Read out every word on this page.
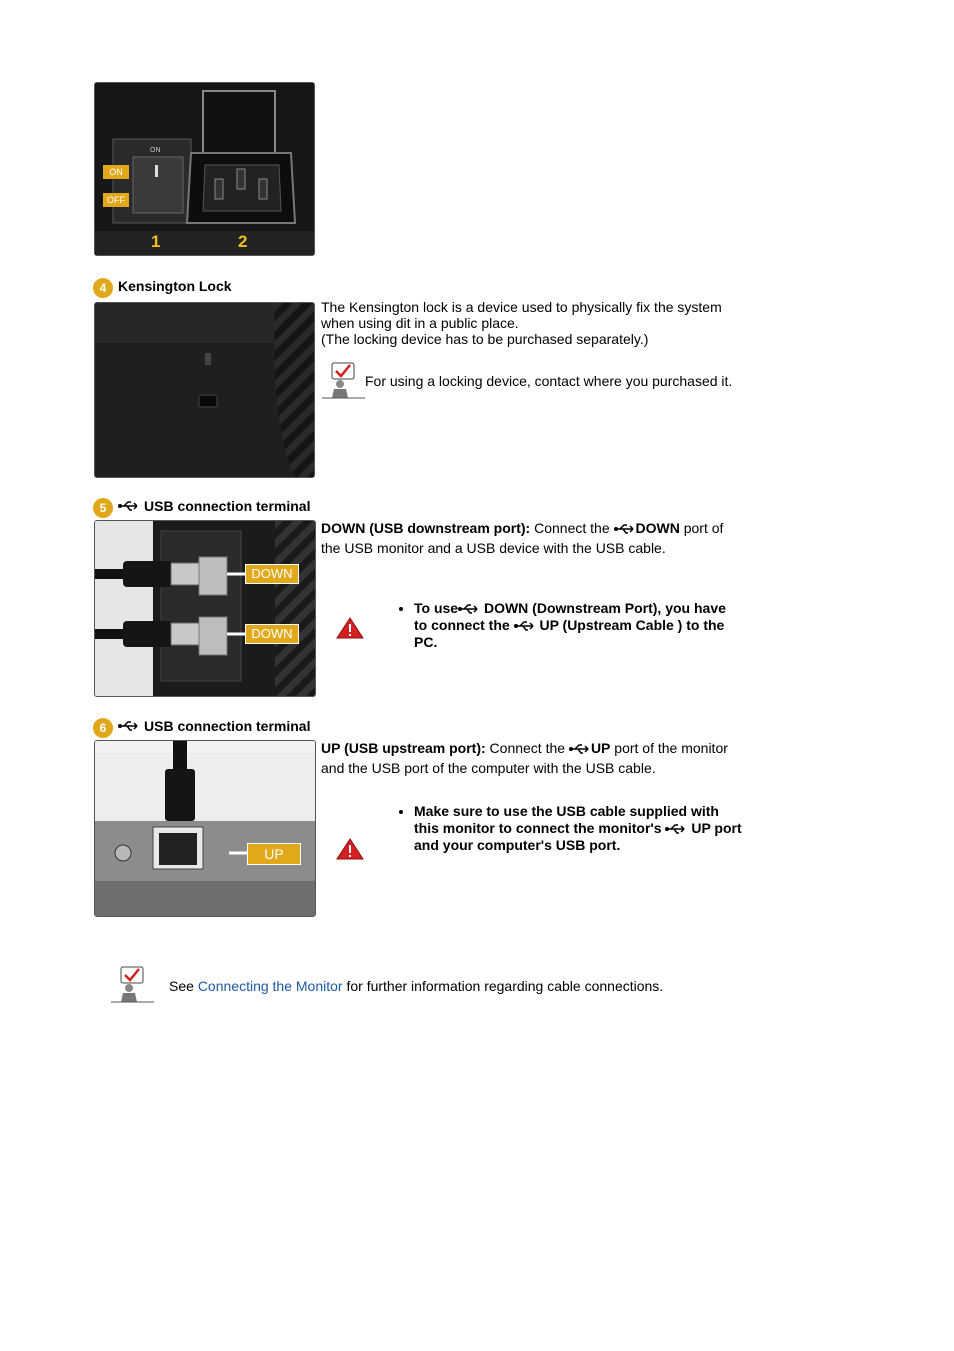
ON
ON
OFF
1	2
4 Kensington Lock
The Kensington lock is a device used to physically fix the system
when using dit in a public place.
(The locking device has to be purchased separately.)
For using a locking device, contact where you purchased it.
5	USB connection terminal
DOWN
DOWN
DOWN (USB downstream port): Connect the DOWN port of
the USB monitor and a USB device with the USB cable.
• To use DOWN (Downstream Port), you have
to connect the  UP (Upstream Cable ) to the
PC.
6	USB connection terminal
UP
UP (USB upstream port): Connect the UP port of the monitor
and the USB port of the computer with the USB cable.
• Make sure to use the USB cable supplied with
this monitor to connect the monitor's  UP port
and your computer's USB port.
See Connecting the Monitor for further information regarding cable connections.
